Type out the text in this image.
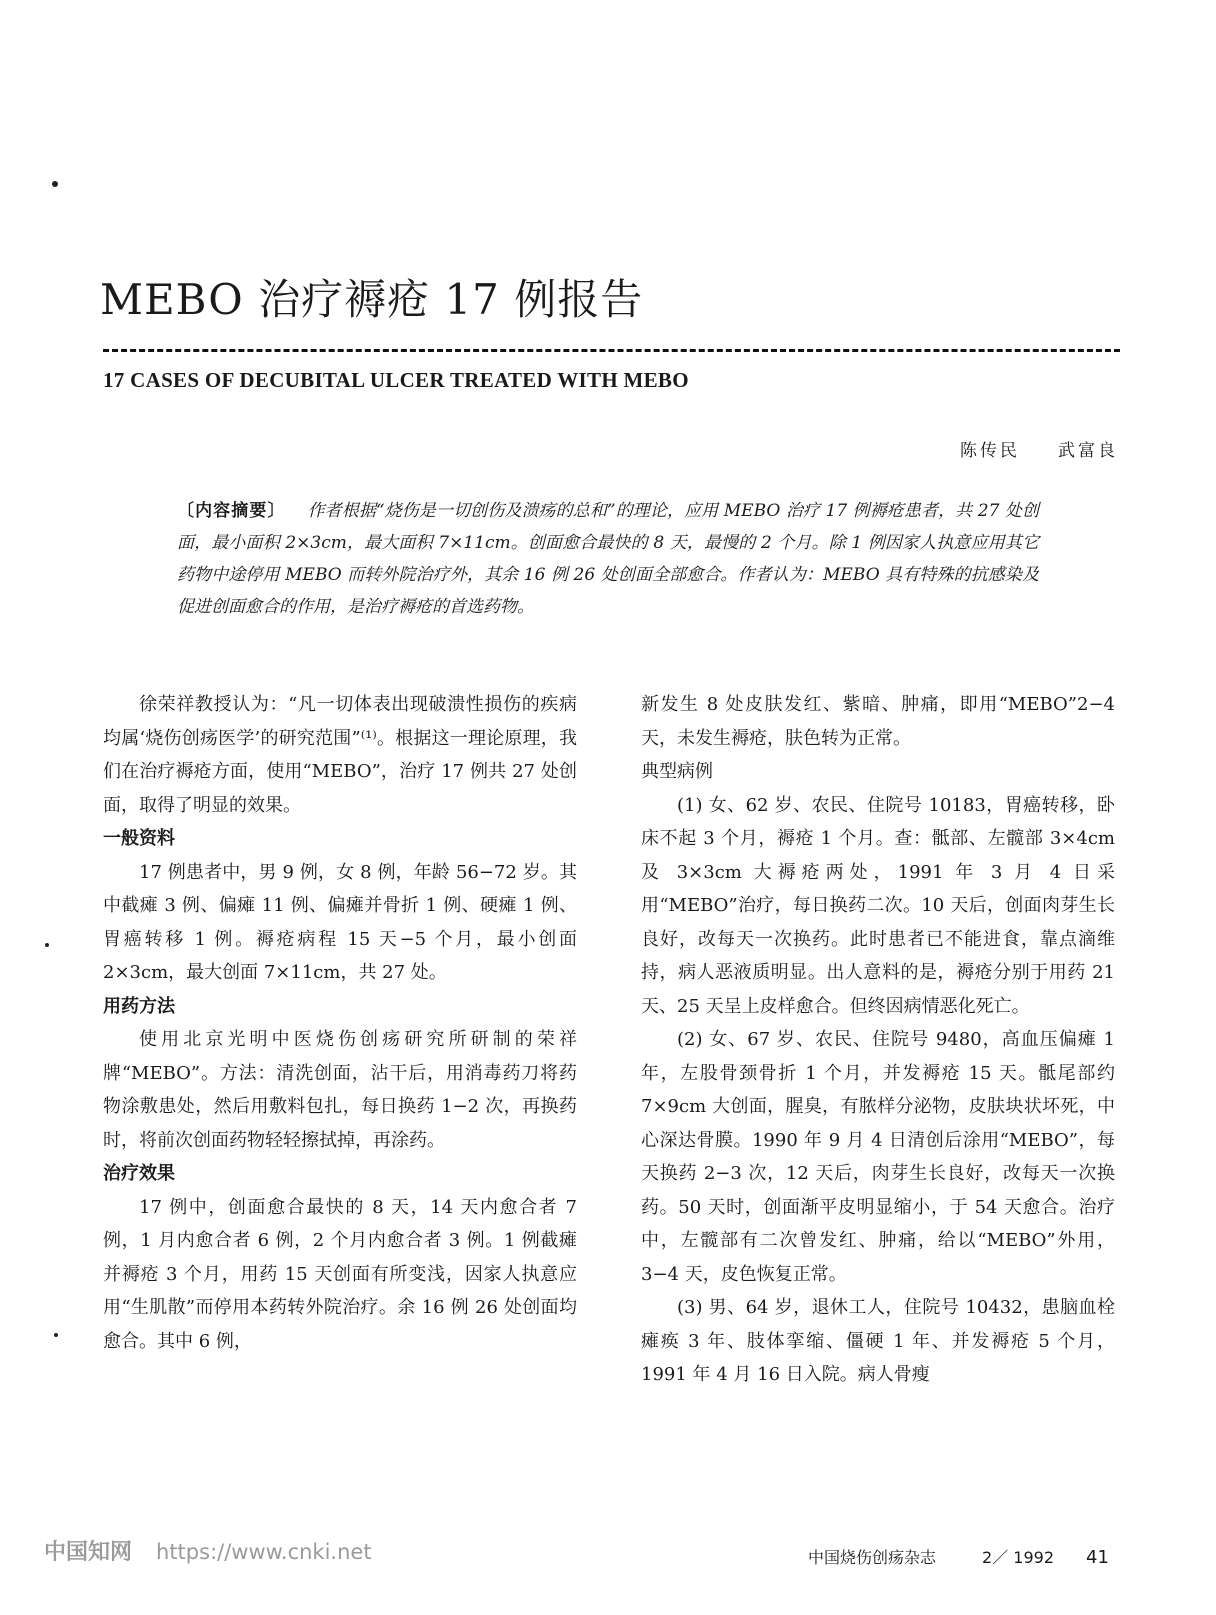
MEBO 治疗褥疮 17 例报告
17 CASES OF DECUBITAL ULCER TREATED WITH MEBO
陈传民 武富良
〔内容摘要〕 作者根据“烧伤是一切创伤及溃疡的总和”的理论，应用 MEBO 治疗 17 例褥疮患者，共 27 处创面，最小面积 2×3cm，最大面积 7×11cm。创面愈合最快的 8 天，最慢的 2 个月。除 1 例因家人执意应用其它药物中途停用 MEBO 而转外院治疗外，其余 16 例 26 处创面全部愈合。作者认为：MEBO 具有特殊的抗感染及促进创面愈合的作用，是治疗褥疮的首选药物。

徐荣祥教授认为：“凡一切体表出现破溃性损伤的疾病均属‘烧伤创疡医学’的研究范围”⁽¹⁾。根据这一理论原理，我们在治疗褥疮方面，使用“MEBO”，治疗 17 例共 27 处创面，取得了明显的效果。

一般资料

17 例患者中，男 9 例，女 8 例，年龄 56−72 岁。其中截瘫 3 例、偏瘫 11 例、偏瘫并骨折 1 例、硬瘫 1 例、胃癌转移 1 例。褥疮病程 15 天−5 个月，最小创面 2×3cm，最大创面 7×11cm，共 27 处。

用药方法

使用北京光明中医烧伤创疡研究所研制的荣祥牌“MEBO”。方法：清洗创面，沾干后，用消毒药刀将药物涂敷患处，然后用敷料包扎，每日换药 1−2 次，再换药时，将前次创面药物轻轻擦拭掉，再涂药。

治疗效果

17 例中，创面愈合最快的 8 天，14 天内愈合者 7 例，1 月内愈合者 6 例，2 个月内愈合者 3 例。1 例截瘫并褥疮 3 个月，用药 15 天创面有所变浅，因家人执意应用“生肌散”而停用本药转外院治疗。余 16 例 26 处创面均愈合。其中 6 例，

新发生 8 处皮肤发红、紫暗、肿痛，即用“MEBO”2−4 天，未发生褥疮，肤色转为正常。

典型病例

(1) 女、62 岁、农民、住院号 10183，胃癌转移，卧床不起 3 个月，褥疮 1 个月。查：骶部、左髋部 3×4cm 及 3×3cm 大褥疮两处，1991 年 3 月 4 日采用“MEBO”治疗，每日换药二次。10 天后，创面肉芽生长良好，改每天一次换药。此时患者已不能进食，靠点滴维持，病人恶液质明显。出人意料的是，褥疮分别于用药 21 天、25 天呈上皮样愈合。但终因病情恶化死亡。

(2) 女、67 岁、农民、住院号 9480，高血压偏瘫 1 年，左股骨颈骨折 1 个月，并发褥疮 15 天。骶尾部约 7×9cm 大创面，腥臭，有脓样分泌物，皮肤块状坏死，中心深达骨膜。1990 年 9 月 4 日清创后涂用“MEBO”，每天换药 2−3 次，12 天后，肉芽生长良好，改每天一次换药。50 天时，创面渐平皮明显缩小，于 54 天愈合。治疗中，左髋部有二次曾发红、肿痛，给以“MEBO”外用，3−4 天，皮色恢复正常。

(3) 男、64 岁，退休工人，住院号 10432，患脑血栓瘫痪 3 年、肢体挛缩、僵硬 1 年、并发褥疮 5 个月，1991 年 4 月 16 日入院。病人骨瘦

中国知网 https://www.cnki.net	中国烧伤创疡杂志	2／ 1992 41
